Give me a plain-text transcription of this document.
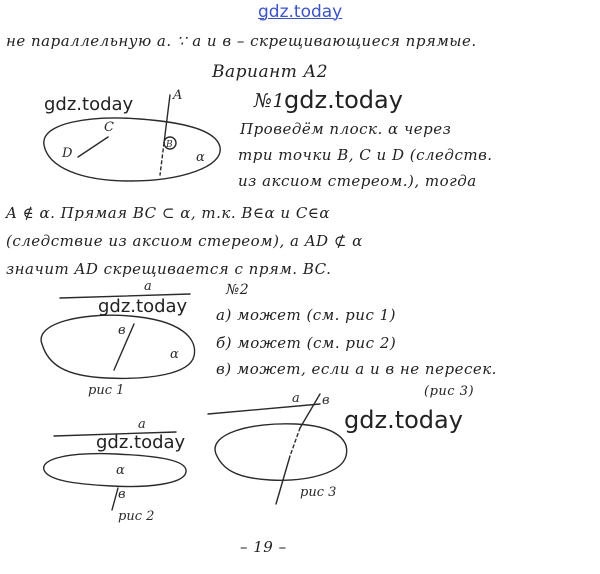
gdz.today
не параллельную а. ∵ а и в – скрещивающиеся прямые.
Вариант А2
gdz.today	№1
gdz.today
A
B
C
D	α
Проведём плоск. α через
три точки В, С и D (следств.
из аксиом стереом.), тогда
A ∉ α. Прямая BC ⊂ α, т.к. B∈α и C∈α
(следствие из аксиом стереом), а AD ⊄ α
значит AD скрещивается с прям. BC.
№2
gdz.today
a
в
α
рис 1
а) может (см. рис 1)
б) может (см. рис 2)
в) может, если а и в не пересек.
(рис 3)
gdz.today
a в
рис 3
gdz.today
a
α
в
рис 2
– 19 –
